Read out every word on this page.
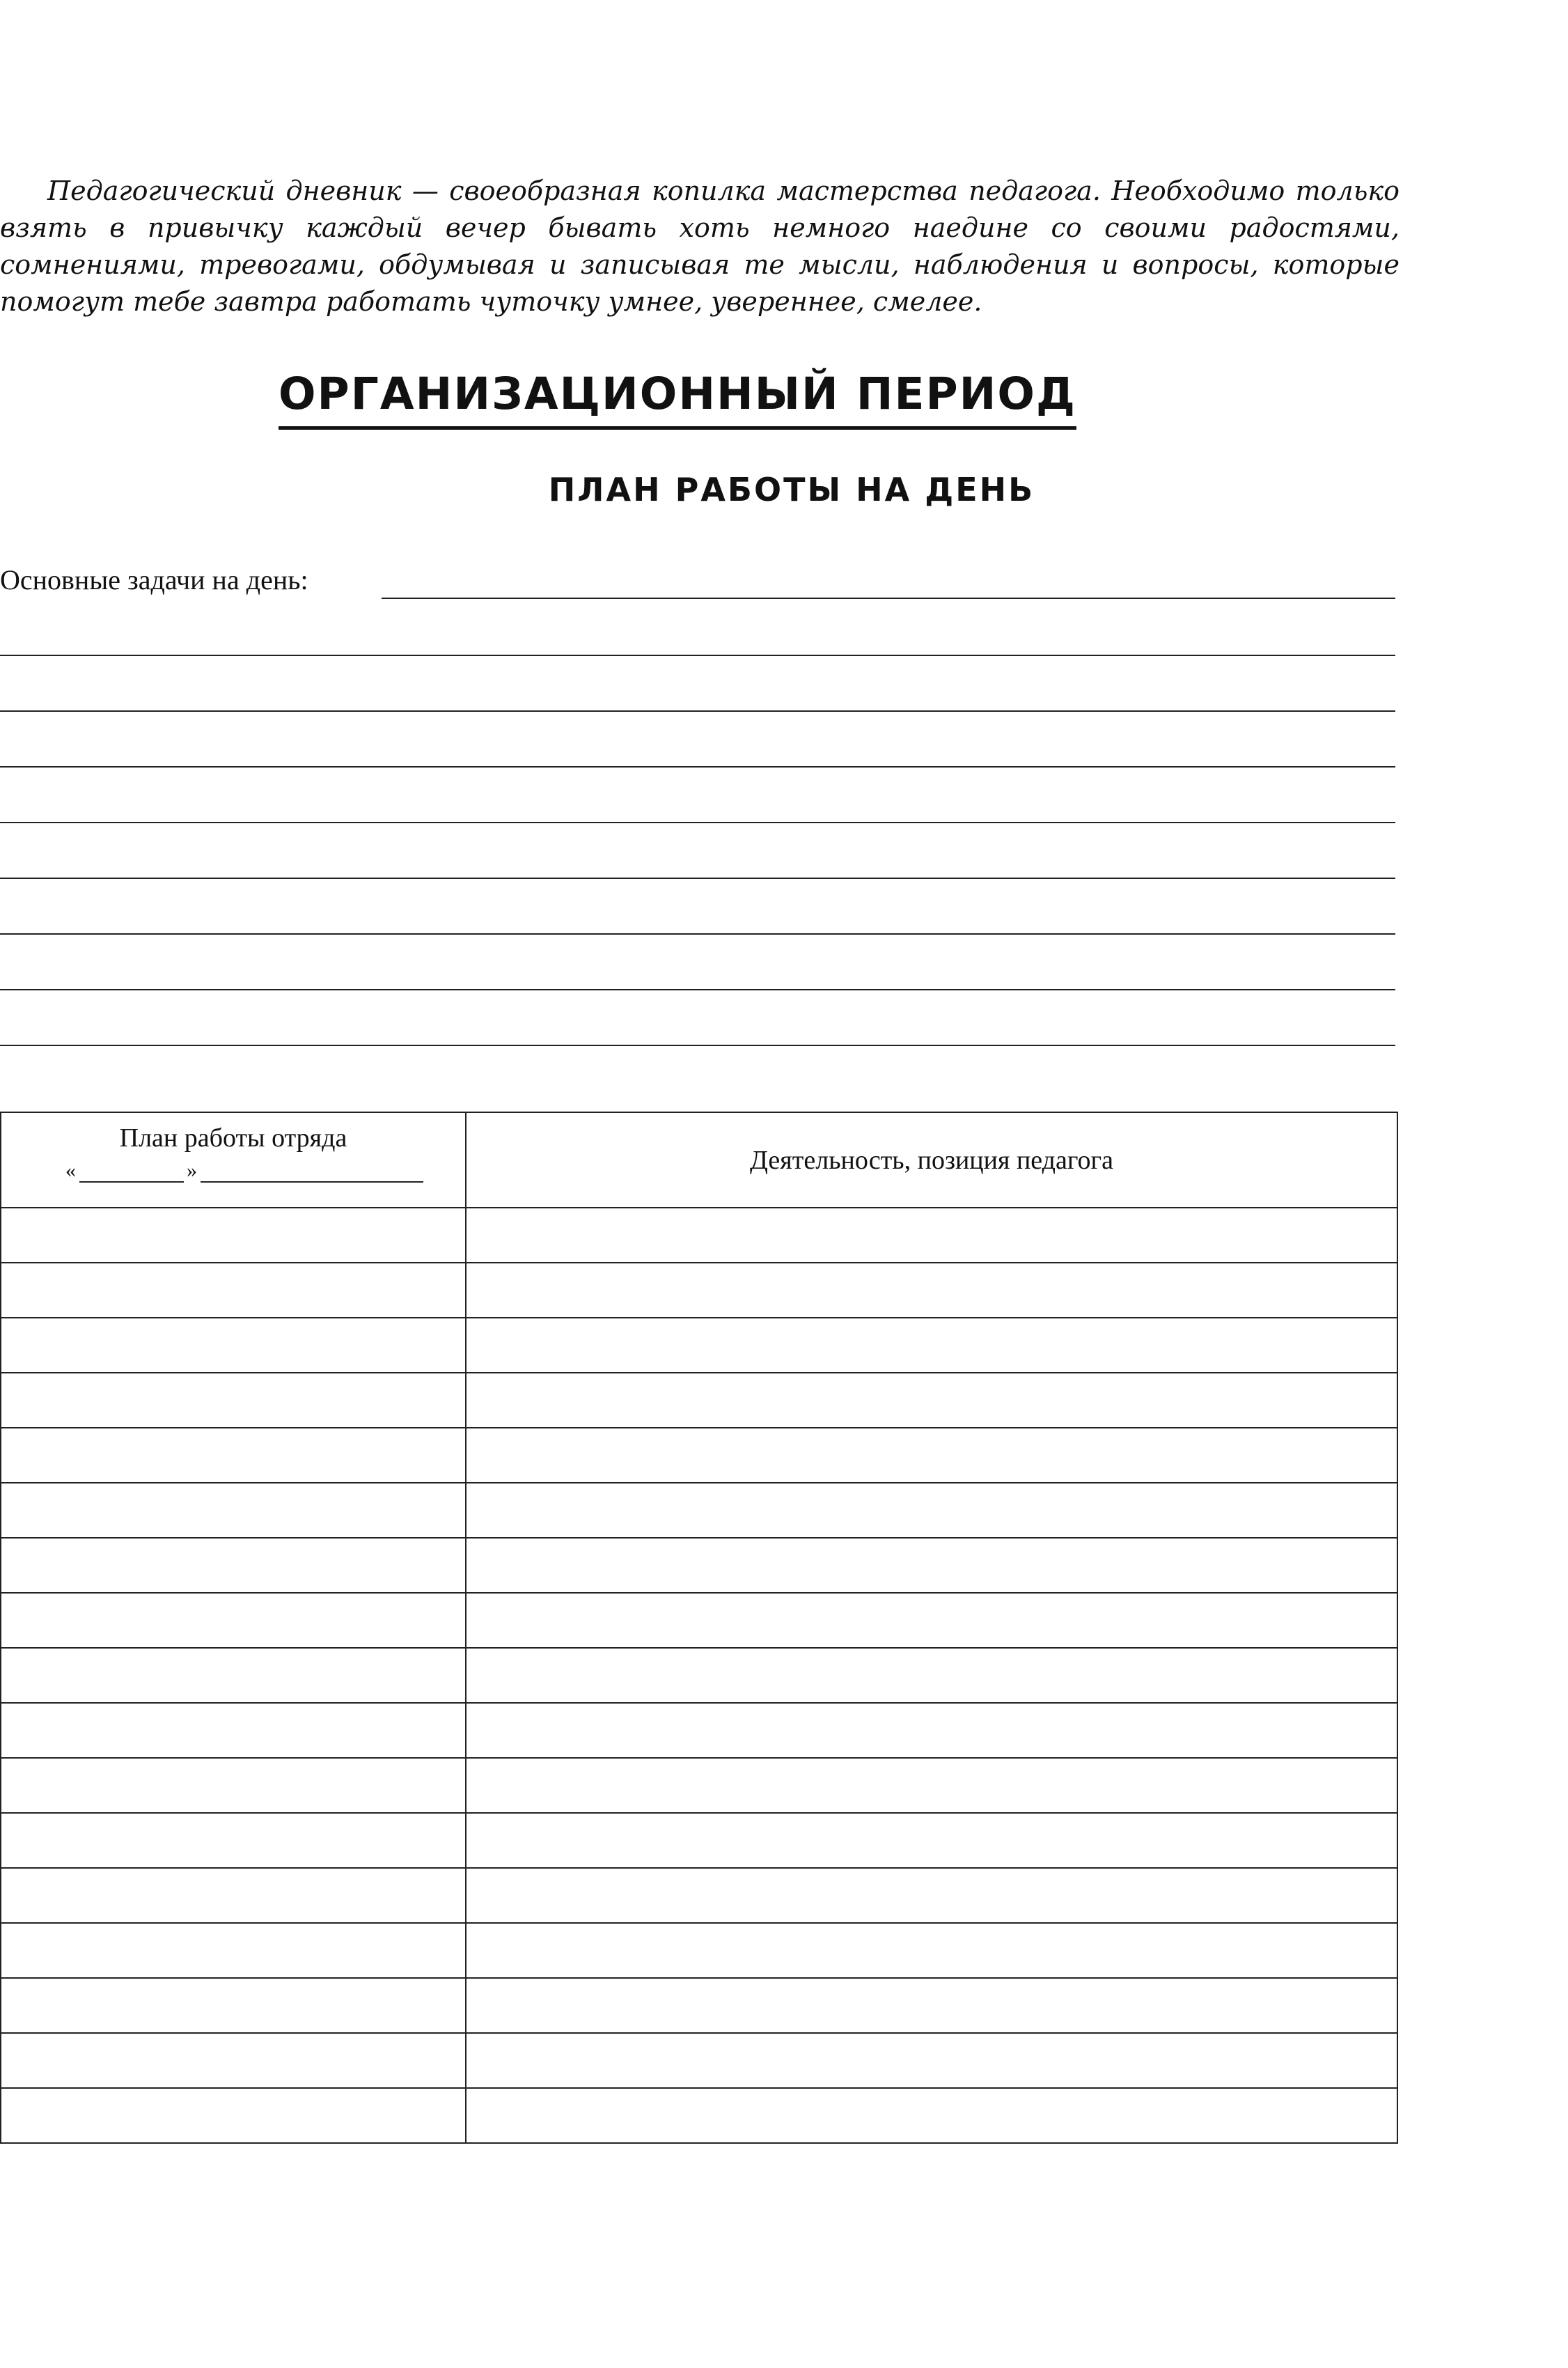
Педагогический дневник — своеобразная копилка мастерства педагога. Необходимо только взять в привычку каждый вечер бывать хоть немного наедине со своими радостями, сомнениями, тревогами, обдумывая и записывая те мысли, наблюдения и вопросы, которые помогут тебе завтра работать чуточку умнее, увереннее, смелее.

ОРГАНИЗАЦИОННЫЙ ПЕРИОД
ПЛАН РАБОТЫ НА ДЕНЬ
Основные задачи на день:
План работы отряда
« »	Деятельность, позиция педагога
